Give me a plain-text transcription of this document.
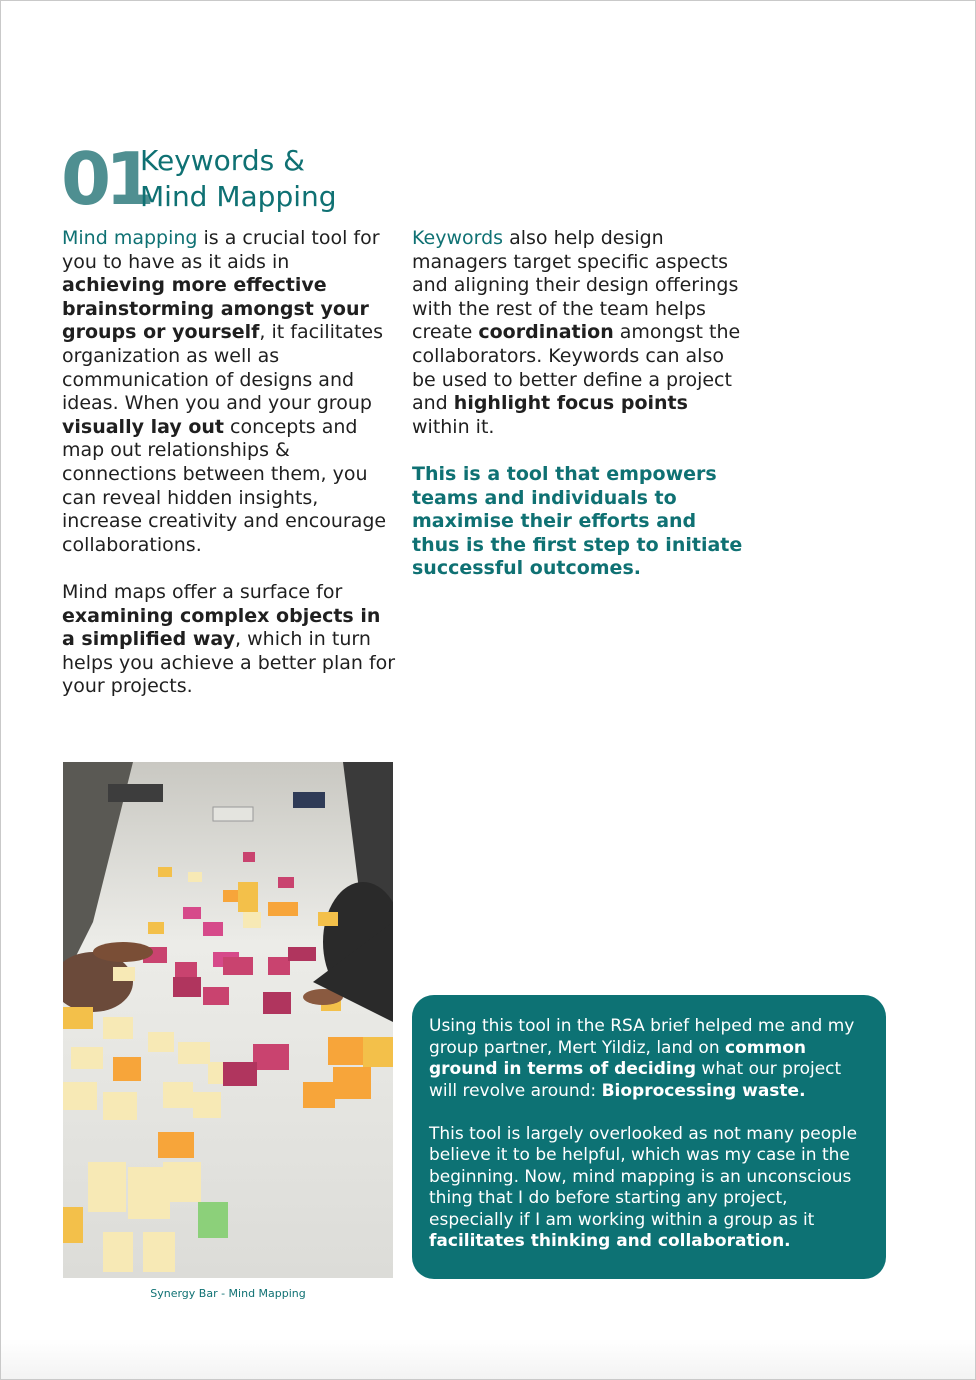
01
Keywords &
Mind Mapping

Mind mapping is a crucial tool for you to have as it aids in achieving more effective brainstorming amongst your groups or yourself, it facilitates organization as well as communication of designs and ideas. When you and your group visually lay out concepts and map out relationships & connections between them, you can reveal hidden insights, increase creativity and encourage collaborations.

Mind maps offer a surface for examining complex objects in a simplified way, which in turn helps you achieve a better plan for your projects.

Keywords also help design managers target specific aspects and aligning their design offerings with the rest of the team helps create coordination amongst the collaborators. Keywords can also be used to better define a project and highlight focus points within it.

This is a tool that empowers teams and individuals to maximise their efforts and thus is the first step to initiate successful outcomes.

Synergy Bar - Mind Mapping

Using this tool in the RSA brief helped me and my group partner, Mert Yildiz, land on common ground in terms of deciding what our project will revolve around: Bioprocessing waste.

This tool is largely overlooked as not many people believe it to be helpful, which was my case in the beginning. Now, mind mapping is an unconscious thing that I do before starting any project, especially if I am working within a group as it facilitates thinking and collaboration.
